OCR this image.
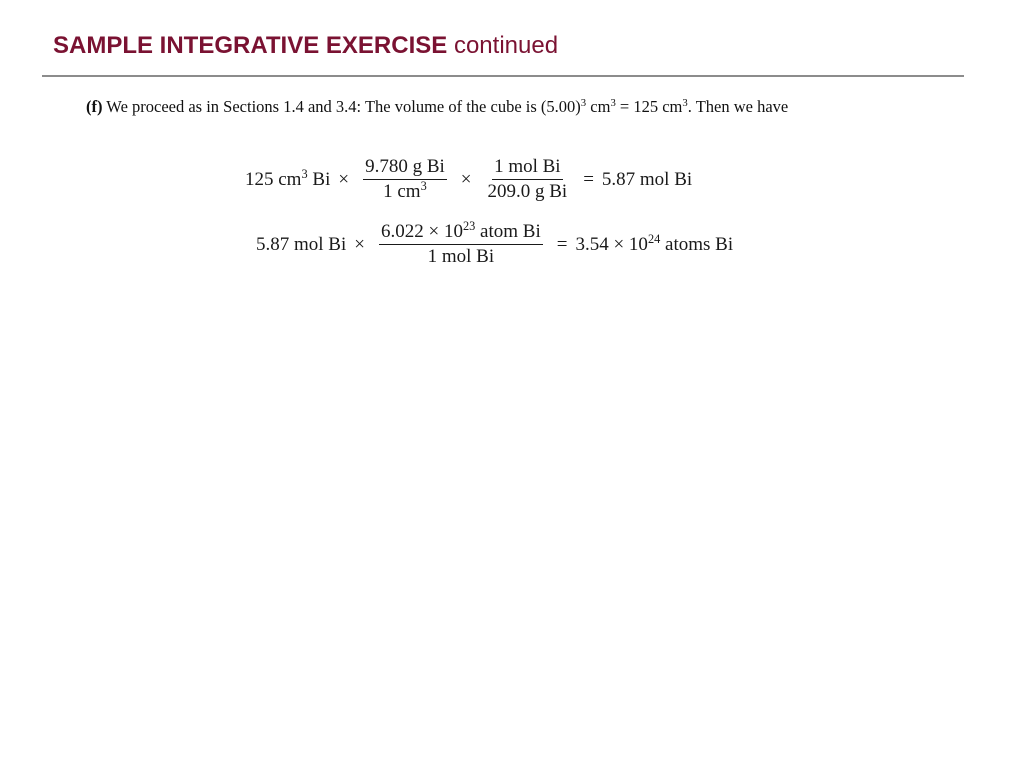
SAMPLE INTEGRATIVE EXERCISE continued
(f) We proceed as in Sections 1.4 and 3.4: The volume of the cube is $(5.00)^3$ $cm^3 = 125$ $cm^3$. Then we have
125 $cm^3$ $Bi \times \frac{\text{9.780 g Bi}}{1 cm^3} \times \frac{\text{1 mol Bi}}{\text{209.0 g Bi}} = 5.87$ mol Bi
5.87 mol $Bi \times \frac{6.022 \times 10^{23} atom Bi}{\text{1 mol Bi}} = 3.54 \times 10^{24}$ atoms Bi
